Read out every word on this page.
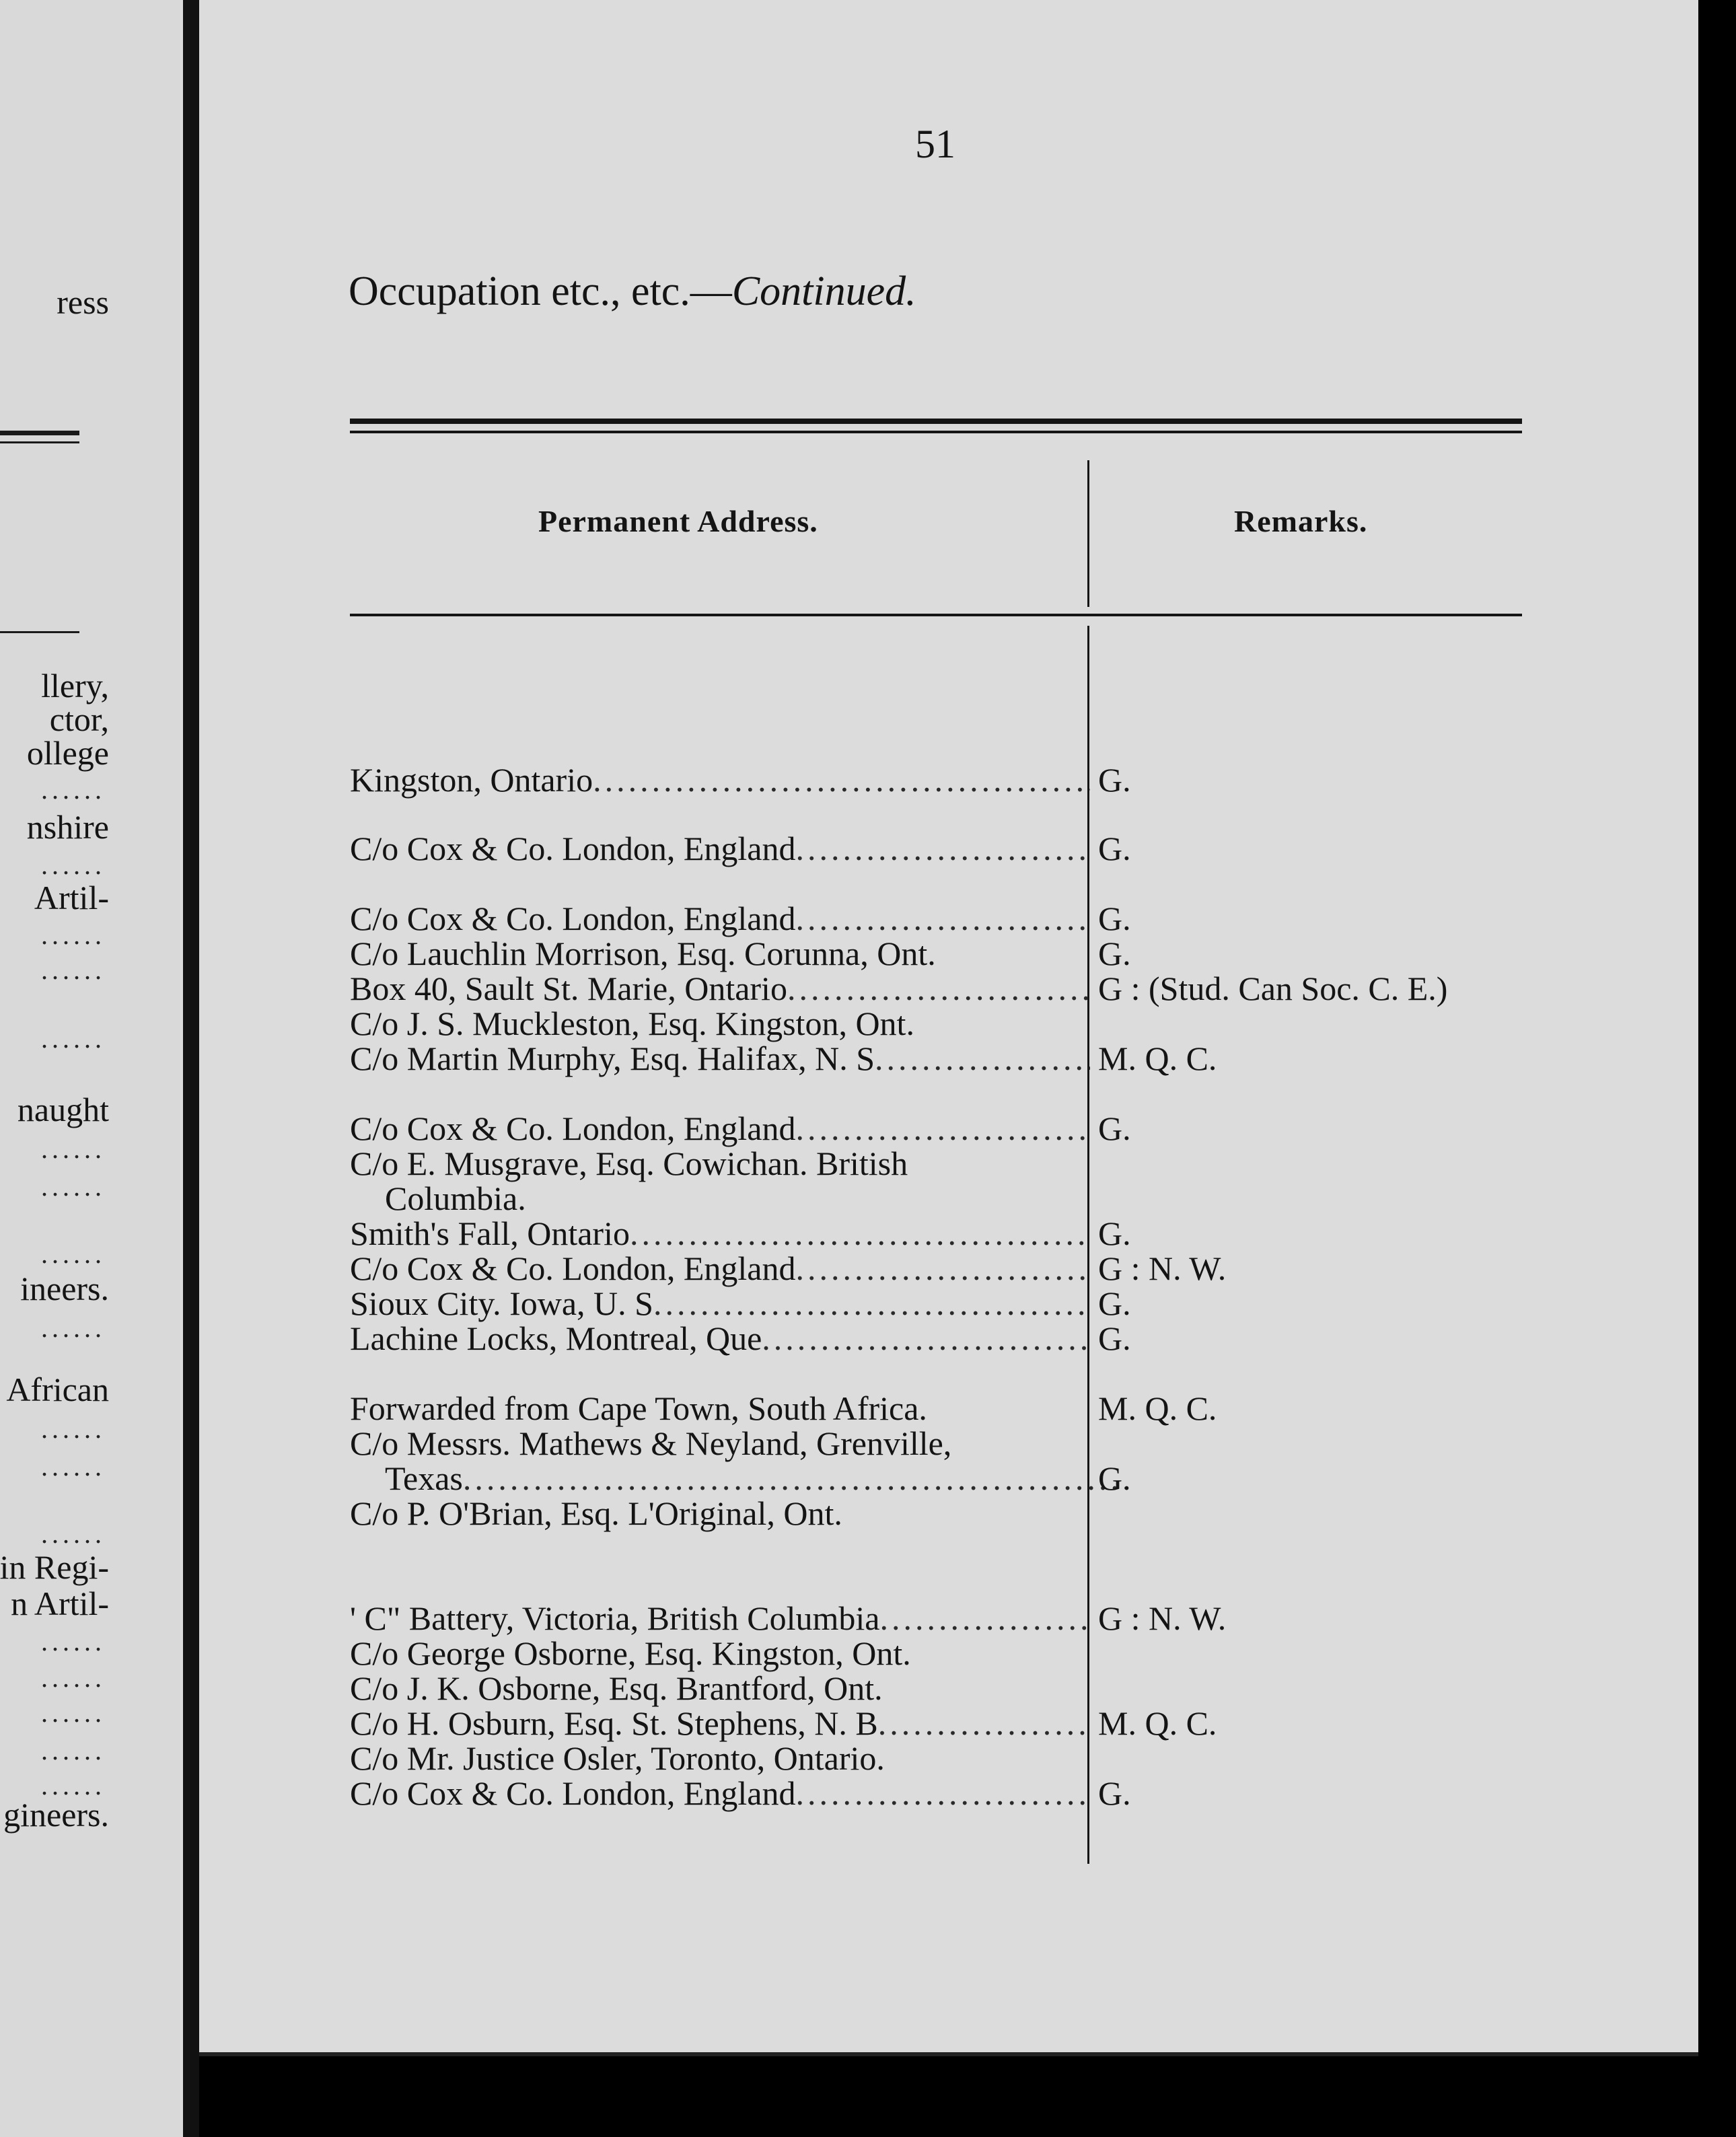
ress
llery,
ctor,
ollege
......
nshire
......
Artil-
......
......
......
naught
......
......
......
ineers.
......
African
......
......
......
in Regi-
n Artil-
......
......
......
......
......
gineers.
51
Occupation etc., etc.—Continued.
Permanent Address.	Remarks.
Kingston, Ontario .....	G.
C/o Cox & Co. London, England .....	G.
C/o Cox & Co. London, England .....	G.
C/o Lauchlin Morrison, Esq. Corunna, Ont.	G.
Box 40, Sault St. Marie, Ontario .....	G : (Stud. Can Soc. C. E.)
C/o J. S. Muckleston, Esq. Kingston, Ont.
C/o Martin Murphy, Esq. Halifax, N. S .....	M. Q. C.
C/o Cox & Co. London, England .....	G.
C/o E. Musgrave, Esq. Cowichan. British
Columbia.
Smith's Fall, Ontario .....	G.
C/o Cox & Co. London, England .....	G : N. W.
Sioux City. Iowa, U. S .....	G.
Lachine Locks, Montreal, Que .....	G.
Forwarded from Cape Town, South Africa.	M. Q. C.
C/o Messrs. Mathews & Neyland, Grenville,
Texas .....	G.
C/o P. O'Brian, Esq. L'Original, Ont.
' C" Battery, Victoria, British Columbia .....	G : N. W.
C/o George Osborne, Esq. Kingston, Ont.
C/o J. K. Osborne, Esq. Brantford, Ont.
C/o H. Osburn, Esq. St. Stephens, N. B .....	M. Q. C.
C/o Mr. Justice Osler, Toronto, Ontario.
C/o Cox & Co. London, England .....	G.
